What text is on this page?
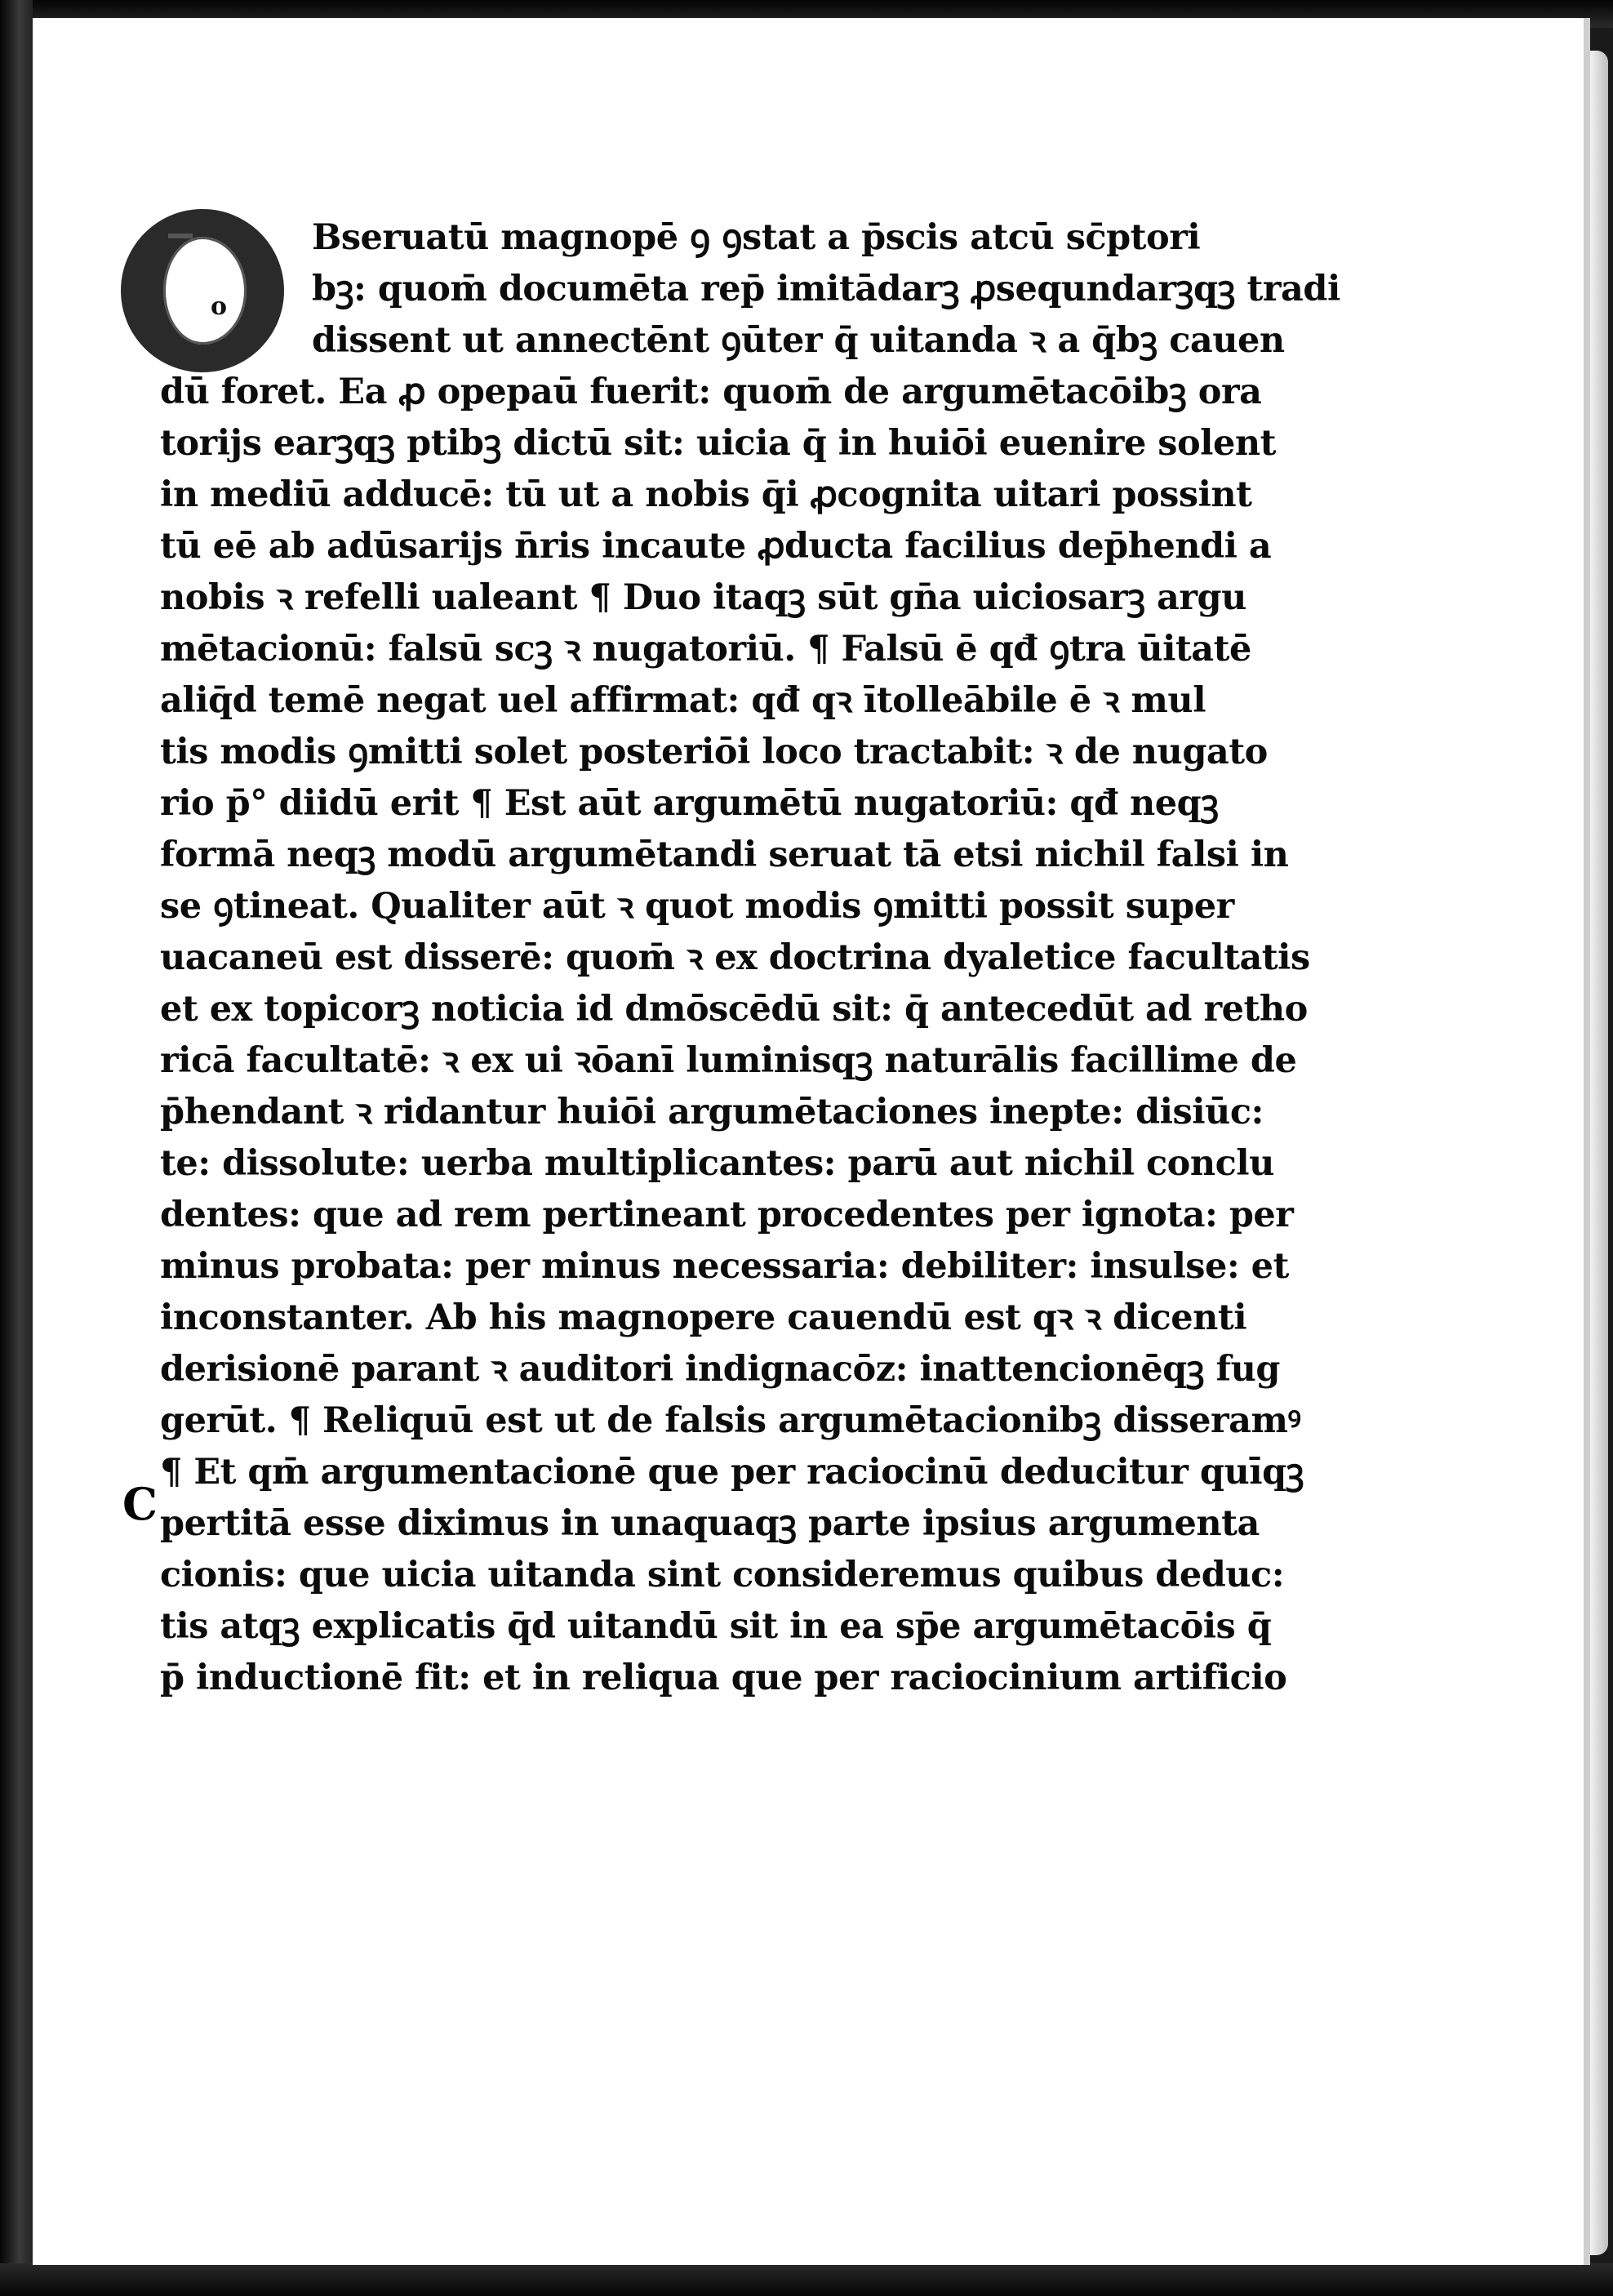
o
C
Bseruatū magnopē ꝯ ꝯstat a p̄scis atcū sc̄ptori
bꝫ: quom̄ documēta rep̄ imitādarꝫ ꝓsequndarꝫqꝫ tradi
dissent ut annectēnt ꝯūter q̄ uitanda ꝛ a q̄bꝫ cauen
dū foret. Ea ꝓ opepaū fuerit: quom̄ de argumētacōibꝫ ora
torijs earꝫqꝫ ptibꝫ dictū sit: uicia q̄ in huiōi euenire solent
in mediū adducē: tū ut a nobis q̄i ꝓcognita uitari possint
tū eē ab adūsarijs n̄ris incaute ꝓducta facilius dep̄hendi a
nobis ꝛ refelli ualeant ¶ Duo itaqꝫ sūt gn̄a uiciosarꝫ argu
mētacionū: falsū scꝫ ꝛ nugatoriū. ¶ Falsū ē qđ ꝯtra ūitatē
aliq̄d temē negat uel affirmat: qđ qꝛ ītolleābile ē ꝛ mul
tis modis ꝯmitti solet posteriōi loco tractabit: ꝛ de nugato
rio p̄° diidū erit ¶ Est aūt argumētū nugatoriū: qđ neqꝫ
formā neqꝫ modū argumētandi seruat tā etsi nichil falsi in
se ꝯtineat. Qualiter aūt ꝛ quot modis ꝯmitti possit super
uacaneū est disserē: quom̄ ꝛ ex doctrina dyaletice facultatis
et ex topicorꝫ noticia id dmōscēdū sit: q̄ antecedūt ad retho
ricā facultatē: ꝛ ex ui ꝛōanī luminisqꝫ naturālis facillime de
p̄hendant ꝛ ridantur huiōi argumētaciones inepte: disiūc:
te: dissolute: uerba multiplicantes: parū aut nichil conclu
dentes: que ad rem pertineant procedentes per ignota: per
minus probata: per minus necessaria: debiliter: insulse: et
inconstanter. Ab his magnopere cauendū est qꝛ ꝛ dicenti
derisionē parant ꝛ auditori indignacōz: inattencionēqꝫ fug
gerūt. ¶ Reliquū est ut de falsis argumētacionibꝫ disseramꝰ
¶ Et qm̄ argumentacionē que per raciocinū deducitur quīqꝫ
pertitā esse diximus in unaquaqꝫ parte ipsius argumenta
cionis: que uicia uitanda sint consideremus quibus deduc:
tis atqꝫ explicatis q̄d uitandū sit in ea sp̄e argumētacōis q̄
p̄ inductionē fit: et in reliqua que per raciocinium artificio
